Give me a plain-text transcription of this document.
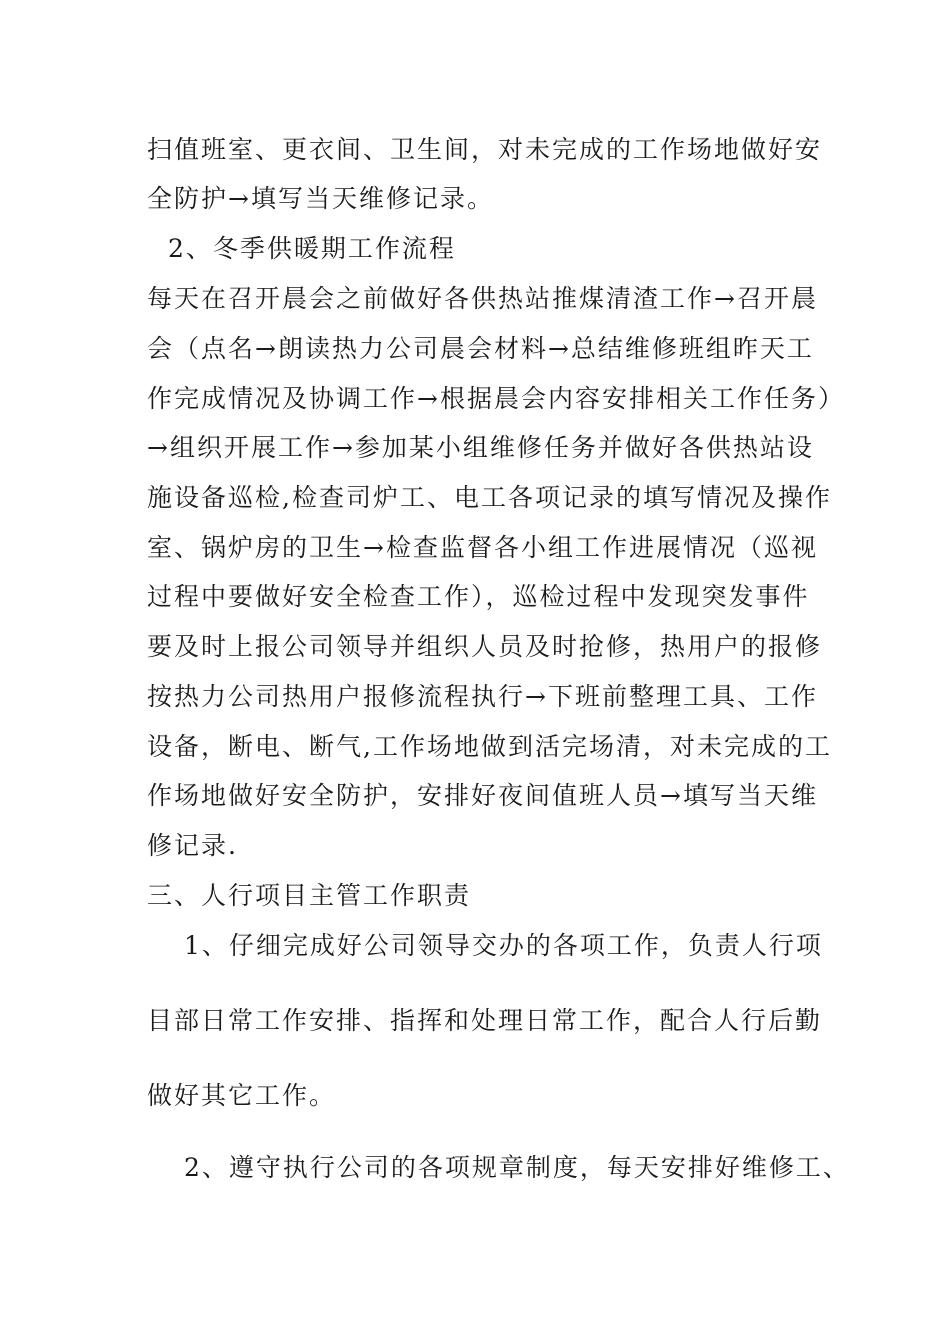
扫值班室、更衣间、卫生间，对未完成的工作场地做好安
全防护→填写当天维修记录。
2、冬季供暖期工作流程
每天在召开晨会之前做好各供热站推煤清渣工作→召开晨
会（点名→朗读热力公司晨会材料→总结维修班组昨天工
作完成情况及协调工作→根据晨会内容安排相关工作任务）
→组织开展工作→参加某小组维修任务并做好各供热站设
施设备巡检,检查司炉工、电工各项记录的填写情况及操作
室、锅炉房的卫生→检查监督各小组工作进展情况（巡视
过程中要做好安全检查工作），巡检过程中发现突发事件
要及时上报公司领导并组织人员及时抢修，热用户的报修
按热力公司热用户报修流程执行→下班前整理工具、工作
设备，断电、断气,工作场地做到活完场清，对未完成的工
作场地做好安全防护，安排好夜间值班人员→填写当天维
修记录.
三、人行项目主管工作职责
1、仔细完成好公司领导交办的各项工作，负责人行项
目部日常工作安排、指挥和处理日常工作，配合人行后勤
做好其它工作。
2、遵守执行公司的各项规章制度，每天安排好维修工、
